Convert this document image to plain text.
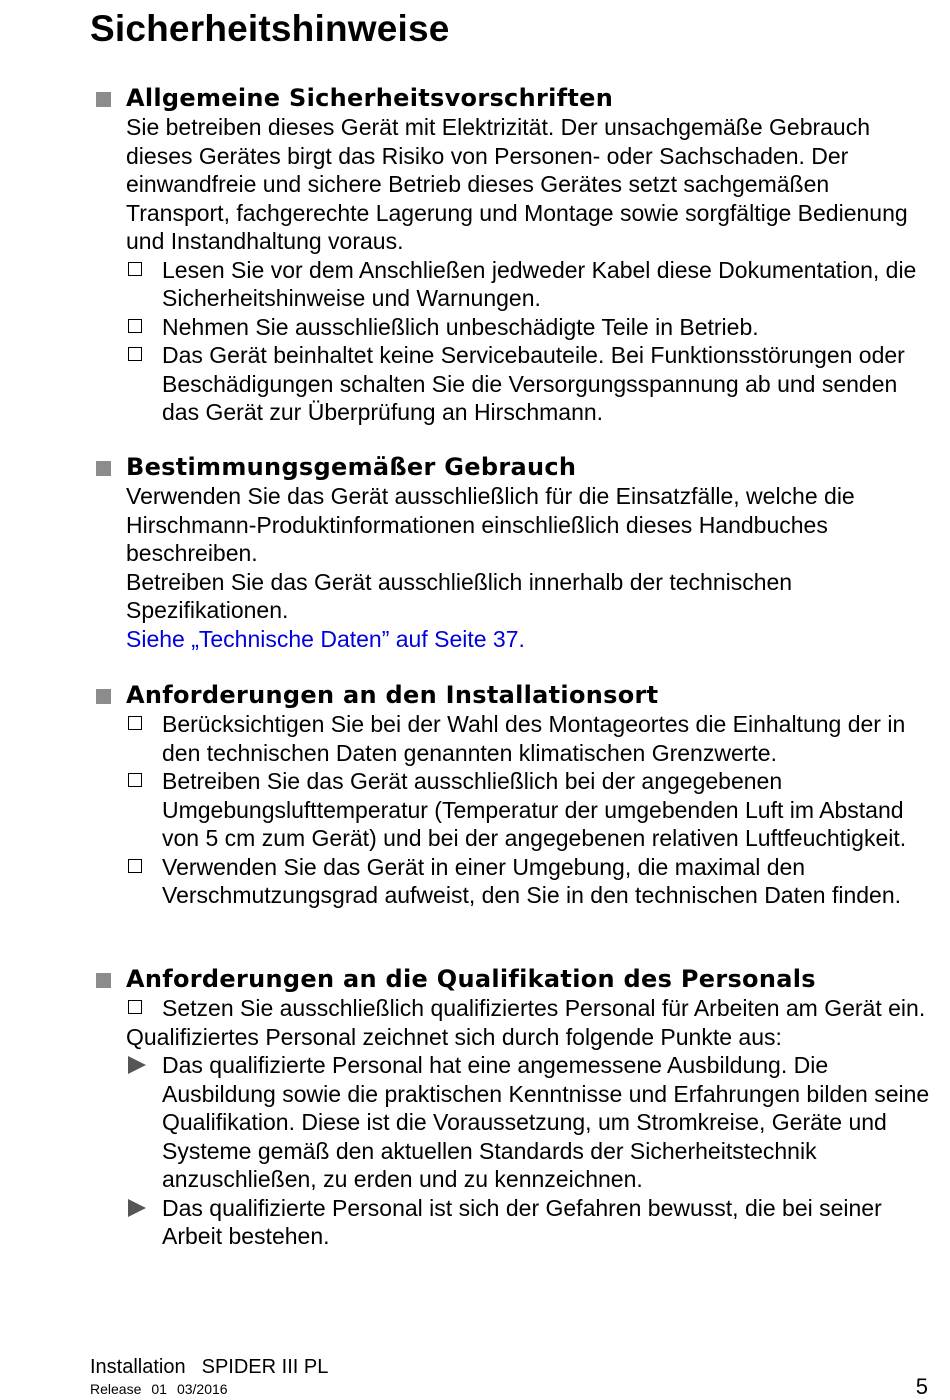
Sicherheitshinweise
Allgemeine Sicherheitsvorschriften
Sie betreiben dieses Gerät mit Elektrizität. Der unsachgemäße Gebrauch dieses Gerätes birgt das Risiko von Personen- oder Sachschaden. Der einwandfreie und sichere Betrieb dieses Gerätes setzt sachgemäßen Transport, fachgerechte Lagerung und Montage sowie sorgfältige Bedienung und Instandhaltung voraus.
Lesen Sie vor dem Anschließen jedweder Kabel diese Dokumentation, die Sicherheitshinweise und Warnungen.
Nehmen Sie ausschließlich unbeschädigte Teile in Betrieb.
Das Gerät beinhaltet keine Servicebauteile. Bei Funktionsstörungen oder Beschädigungen schalten Sie die Versorgungsspannung ab und senden das Gerät zur Überprüfung an Hirschmann.
Bestimmungsgemäßer Gebrauch
Verwenden Sie das Gerät ausschließlich für die Einsatzfälle, welche die Hirschmann-Produktinformationen einschließlich dieses Handbuches beschreiben.
Betreiben Sie das Gerät ausschließlich innerhalb der technischen Spezifikationen.
Siehe „Technische Daten” auf Seite 37.
Anforderungen an den Installationsort
Berücksichtigen Sie bei der Wahl des Montageortes die Einhaltung der in den technischen Daten genannten klimatischen Grenzwerte.
Betreiben Sie das Gerät ausschließlich bei der angegebenen Umgebungslufttemperatur (Temperatur der umgebenden Luft im Abstand von 5 cm zum Gerät) und bei der angegebenen relativen Luftfeuchtigkeit.
Verwenden Sie das Gerät in einer Umgebung, die maximal den Verschmutzungsgrad aufweist, den Sie in den technischen Daten finden.
Anforderungen an die Qualifikation des Personals
Setzen Sie ausschließlich qualifiziertes Personal für Arbeiten am Gerät ein.
Qualifiziertes Personal zeichnet sich durch folgende Punkte aus:
Das qualifizierte Personal hat eine angemessene Ausbildung. Die Ausbildung sowie die praktischen Kenntnisse und Erfahrungen bilden seine Qualifikation. Diese ist die Voraussetzung, um Stromkreise, Geräte und Systeme gemäß den aktuellen Standards der Sicherheitstechnik anzuschließen, zu erden und zu kennzeichnen.
Das qualifizierte Personal ist sich der Gefahren bewusst, die bei seiner Arbeit bestehen.
Installation SPIDER III PL
Release 01 03/2016	5
